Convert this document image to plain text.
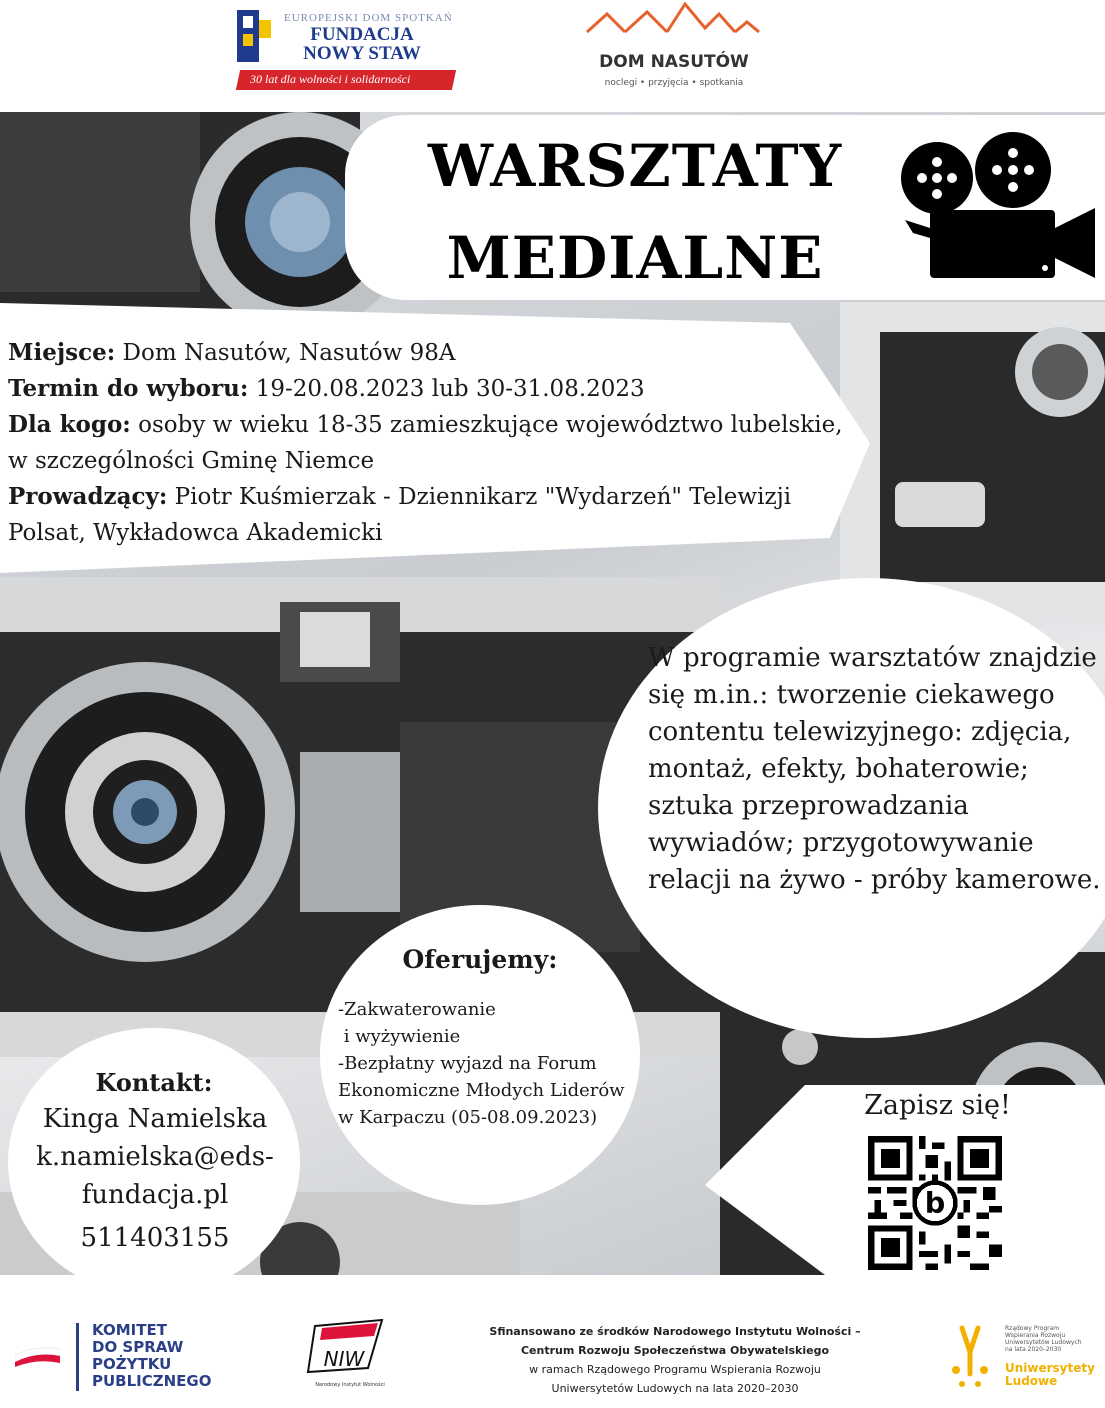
EUROPEJSKI DOM SPOTKAŃ
FUNDACJA
NOWY STAW
30 lat dla wolności i solidarności
DOM NASUTÓW
noclegi • przyjęcia • spotkania
WARSZTATY
MEDIALNE
Miejsce: Dom Nasutów, Nasutów 98A
Termin do wyboru: 19-20.08.2023 lub 30-31.08.2023
Dla kogo: osoby w wieku 18-35 zamieszkujące województwo lubelskie, w szczególności Gminę Niemce
Prowadzący: Piotr Kuśmierzak - Dziennikarz "Wydarzeń" Telewizji Polsat, Wykładowca Akademicki
W programie warsztatów znajdzie się m.in.: tworzenie ciekawego contentu telewizyjnego: zdjęcia, montaż, efekty, bohaterowie; sztuka przeprowadzania wywiadów; przygotowywanie relacji na żywo - próby kamerowe.
Oferujemy:
-Zakwaterowanie
i wyżywienie
-Bezpłatny wyjazd na Forum Ekonomiczne Młodych Liderów w Karpaczu (05-08.09.2023)
Kontakt:
Kinga Namielska
k.namielska@eds-
fundacja.pl
511403155
Zapisz się!
b
KOMITET
DO SPRAW
POŻYTKU
PUBLICZNEGO
NIW
Narodowy Instytut Wolności
Sfinansowano ze środków Narodowego Instytutu Wolności –
Centrum Rozwoju Społeczeństwa Obywatelskiego
w ramach Rządowego Programu Wspierania Rozwoju
Uniwersytetów Ludowych na lata 2020–2030
Rządowy Program
Wspierania Rozwoju
Uniwersytetów Ludowych
na lata 2020–2030
Uniwersytety
Ludowe
